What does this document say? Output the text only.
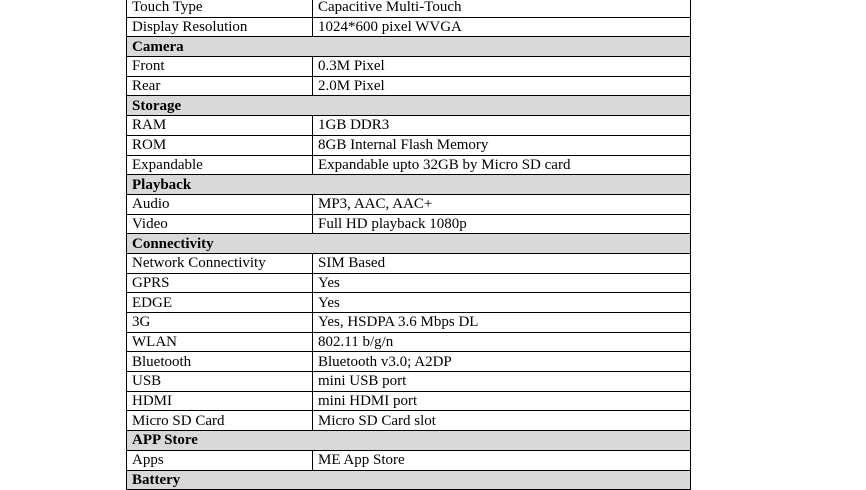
Touch Type	Capacitive Multi-Touch
Display Resolution	1024*600 pixel WVGA
Camera	
Front	0.3M Pixel
Rear	2.0M Pixel
Storage	
RAM	1GB DDR3
ROM	8GB Internal Flash Memory
Expandable	Expandable upto 32GB by Micro SD card
Playback	
Audio	MP3, AAC, AAC+
Video	Full HD playback 1080p
Connectivity	
Network Connectivity	SIM Based
GPRS	Yes
EDGE	Yes
3G	Yes, HSDPA 3.6 Mbps DL
WLAN	802.11 b/g/n
Bluetooth	Bluetooth v3.0; A2DP
USB	mini USB port
HDMI	mini HDMI port
Micro SD Card	Micro SD Card slot
APP Store	
Apps	ME App Store
Battery	
